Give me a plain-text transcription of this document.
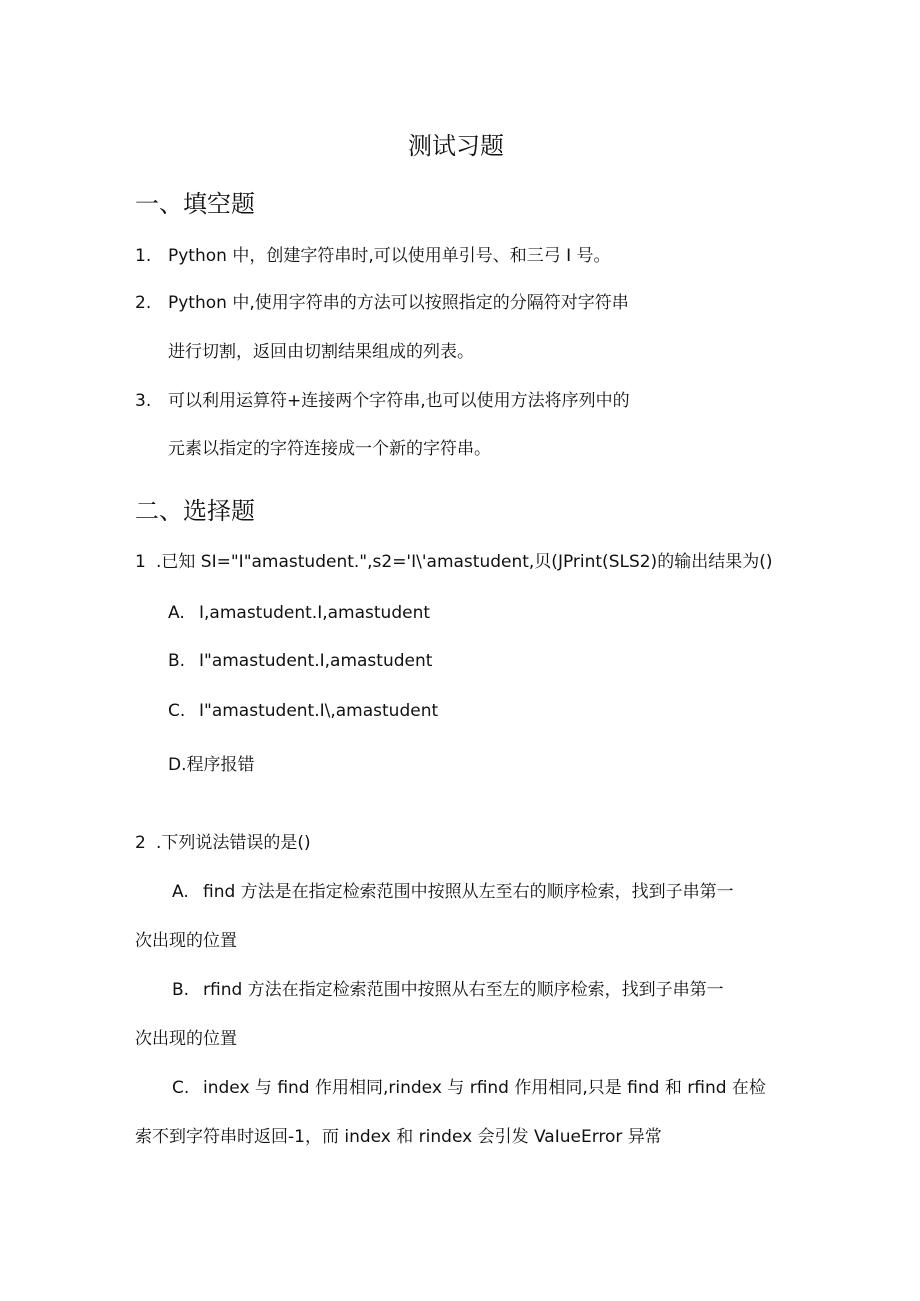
测试习题
一、填空题
1. Python 中，创建字符串时,可以使用单引号、和三弓 I 号。
2. Python 中,使用字符串的方法可以按照指定的分隔符对字符串
进行切割，返回由切割结果组成的列表。
3. 可以利用运算符+连接两个字符串,也可以使用方法将序列中的
元素以指定的字符连接成一个新的字符串。
二、选择题
1 .已知 SI="I"amastudent.",s2='I\'amastudent,贝(JPrint(SLS2)的输出结果为()
A. I,amastudent.I,amastudent
B. I"amastudent.I,amastudent
C. I"amastudent.I\,amastudent
D.程序报错
2 .下列说法错误的是()
A. find 方法是在指定检索范围中按照从左至右的顺序检索，找到子串第一
次出现的位置
B. rfind 方法在指定检索范围中按照从右至左的顺序检索，找到子串第一
次出现的位置
C. index 与 find 作用相同,rindex 与 rfind 作用相同,只是 find 和 rfind 在检
索不到字符串时返回-1，而 index 和 rindex 会引发 VaIueError 异常
